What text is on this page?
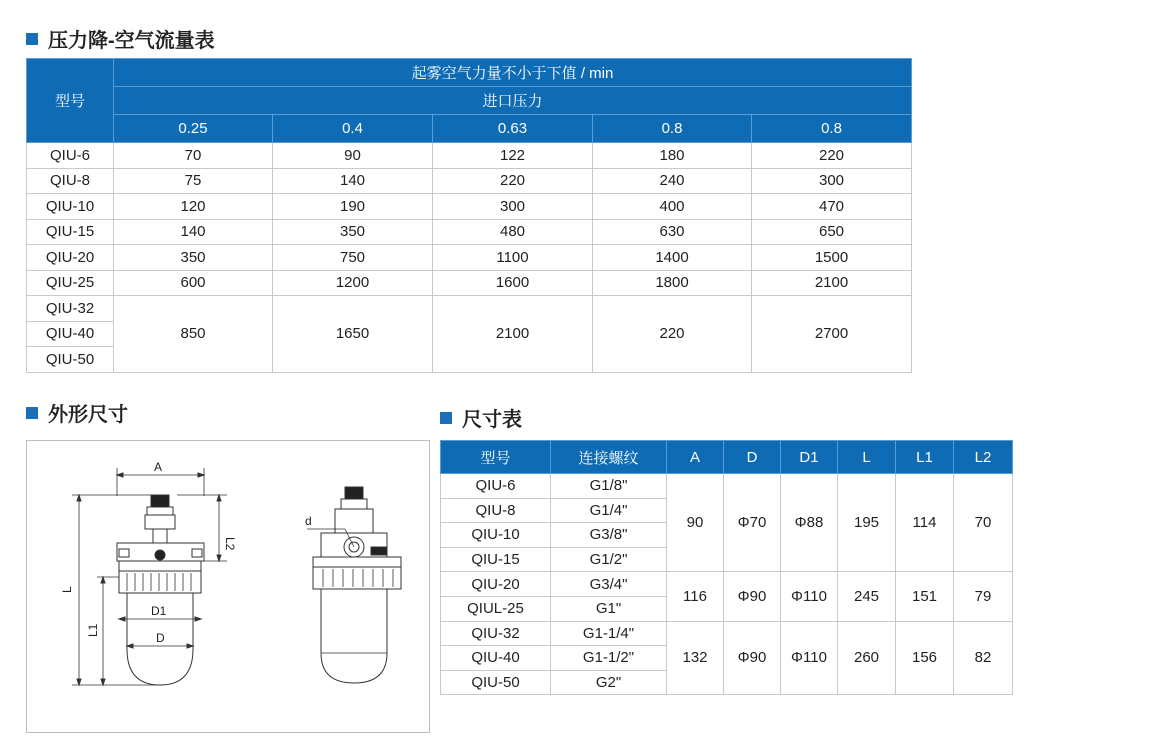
压力降-空气流量表
型号	起雾空气力量不小于下值 / min				
	进口压力				
	0.25	0.4	0.63	0.8	0.8
QIU-6	70	90	122	180	220
QIU-8	75	140	220	240	300
QIU-10	120	190	300	400	470
QIU-15	140	350	480	630	650
QIU-20	350	750	1100	1400	1500
QIU-25	600	1200	1600	1800	2100
QIU-32	850	1650	2100	220	2700
QIU-40					
QIU-50					
外形尺寸	尺寸表
A
L
L1
L2
D1
D
d
型号	连接螺纹	A	D	D1	L	L1	L2
QIU-6	G1/8"	90	Φ70	Φ88	195	114	70
QIU-8	G1/4"						
QIU-10	G3/8"						
QIU-15	G1/2"						
QIU-20	G3/4"	116	Φ90	Φ110	245	151	79
QIUL-25	G1"						
QIU-32	G1-1/4"	132	Φ90	Φ110	260	156	82
QIU-40	G1-1/2"						
QIU-50	G2"						
